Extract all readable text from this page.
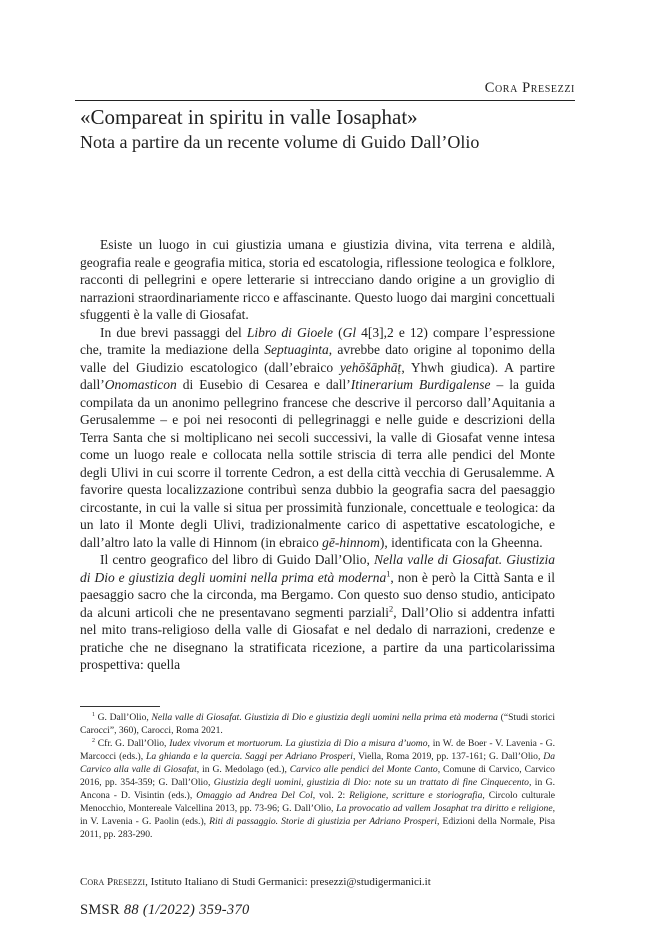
Cora Presezzi

«Compareat in spiritu in valle Iosaphat»
Nota a partire da un recente volume di Guido Dall’Olio

Esiste un luogo in cui giustizia umana e giustizia divina, vita terrena e aldilà, geografia reale e geografia mitica, storia ed escatologia, riflessione teologica e folklore, racconti di pellegrini e opere letterarie si intrecciano dando origine a un groviglio di narrazioni straordinariamente ricco e affascinante. Questo luogo dai margini concettuali sfuggenti è la valle di Giosafat.

In due brevi passaggi del Libro di Gioele (Gl 4[3],2 e 12) compare l’espressione che, tramite la mediazione della Septuaginta, avrebbe dato origine al toponimo della valle del Giudizio escatologico (dall’ebraico yehōšāphāṭ, Yhwh giudica). A partire dall’Onomasticon di Eusebio di Cesarea e dall’Itinerarium Burdigalense – la guida compilata da un anonimo pellegrino francese che descrive il percorso dall’Aquitania a Gerusalemme – e poi nei resoconti di pellegrinaggi e nelle guide e descrizioni della Terra Santa che si moltiplicano nei secoli successivi, la valle di Giosafat venne intesa come un luogo reale e collocata nella sottile striscia di terra alle pendici del Monte degli Ulivi in cui scorre il torrente Cedron, a est della città vecchia di Gerusalemme. A favorire questa localizzazione contribuì senza dubbio la geografia sacra del paesaggio circostante, in cui la valle si situa per prossimità funzionale, concettuale e teologica: da un lato il Monte degli Ulivi, tradizionalmente carico di aspettative escatologiche, e dall’altro lato la valle di Hinnom (in ebraico gē-hinnom), identificata con la Gheenna.

Il centro geografico del libro di Guido Dall’Olio, Nella valle di Giosafat. Giustizia di Dio e giustizia degli uomini nella prima età moderna$^1$, non è però la Città Santa e il paesaggio sacro che la circonda, ma Bergamo. Con questo suo denso studio, anticipato da alcuni articoli che ne presentavano segmenti parziali$^2$, Dall’Olio si addentra infatti nel mito trans-religioso della valle di Giosafat e nel dedalo di narrazioni, credenze e pratiche che ne disegnano la stratificata ricezione, a partire da una particolarissima prospettiva: quella

$^1$ G. Dall’Olio, Nella valle di Giosafat. Giustizia di Dio e giustizia degli uomini nella prima età moderna (“Studi storici Carocci”, 360), Carocci, Roma 2021.

$^2$ Cfr. G. Dall’Olio, Iudex vivorum et mortuorum. La giustizia di Dio a misura d’uomo, in W. de Boer - V. Lavenia - G. Marcocci (eds.), La ghianda e la quercia. Saggi per Adriano Prosperi, Viella, Roma 2019, pp. 137-161; G. Dall’Olio, Da Carvico alla valle di Giosafat, in G. Medolago (ed.), Carvico alle pendici del Monte Canto, Comune di Carvico, Carvico 2016, pp. 354-359; G. Dall’Olio, Giustizia degli uomini, giustizia di Dio: note su un trattato di fine Cinquecento, in G. Ancona - D. Visintin (eds.), Omaggio ad Andrea Del Col, vol. 2: Religione, scritture e storiografia, Circolo culturale Menocchio, Montereale Valcellina 2013, pp. 73-96; G. Dall’Olio, La provocatio ad vallem Josaphat tra diritto e religione, in V. Lavenia - G. Paolin (eds.), Riti di passaggio. Storie di giustizia per Adriano Prosperi, Edizioni della Normale, Pisa 2011, pp. 283-290.

Cora Presezzi, Istituto Italiano di Studi Germanici: presezzi@studigermanici.it

SMSR 88 (1/2022) 359-370
